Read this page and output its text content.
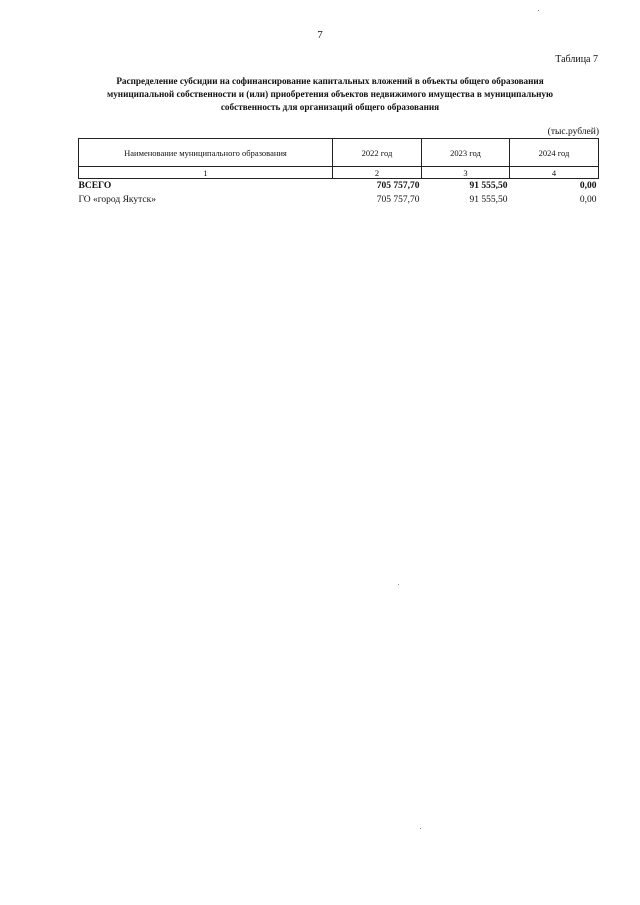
7
Таблица 7
Распределение субсидии на софинансирование капитальных вложений в объекты общего образования
муниципальной собственности и (или) приобретения объектов недвижимого имущества в муниципальную
собственность для организаций общего образования
(тыс.рублей)
Наименование муниципального образования	2022 год	2023 год	2024 год
1	2	3	4
ВСЕГО	705 757,70	91 555,50	0,00
ГО «город Якутск»	705 757,70	91 555,50	0,00
